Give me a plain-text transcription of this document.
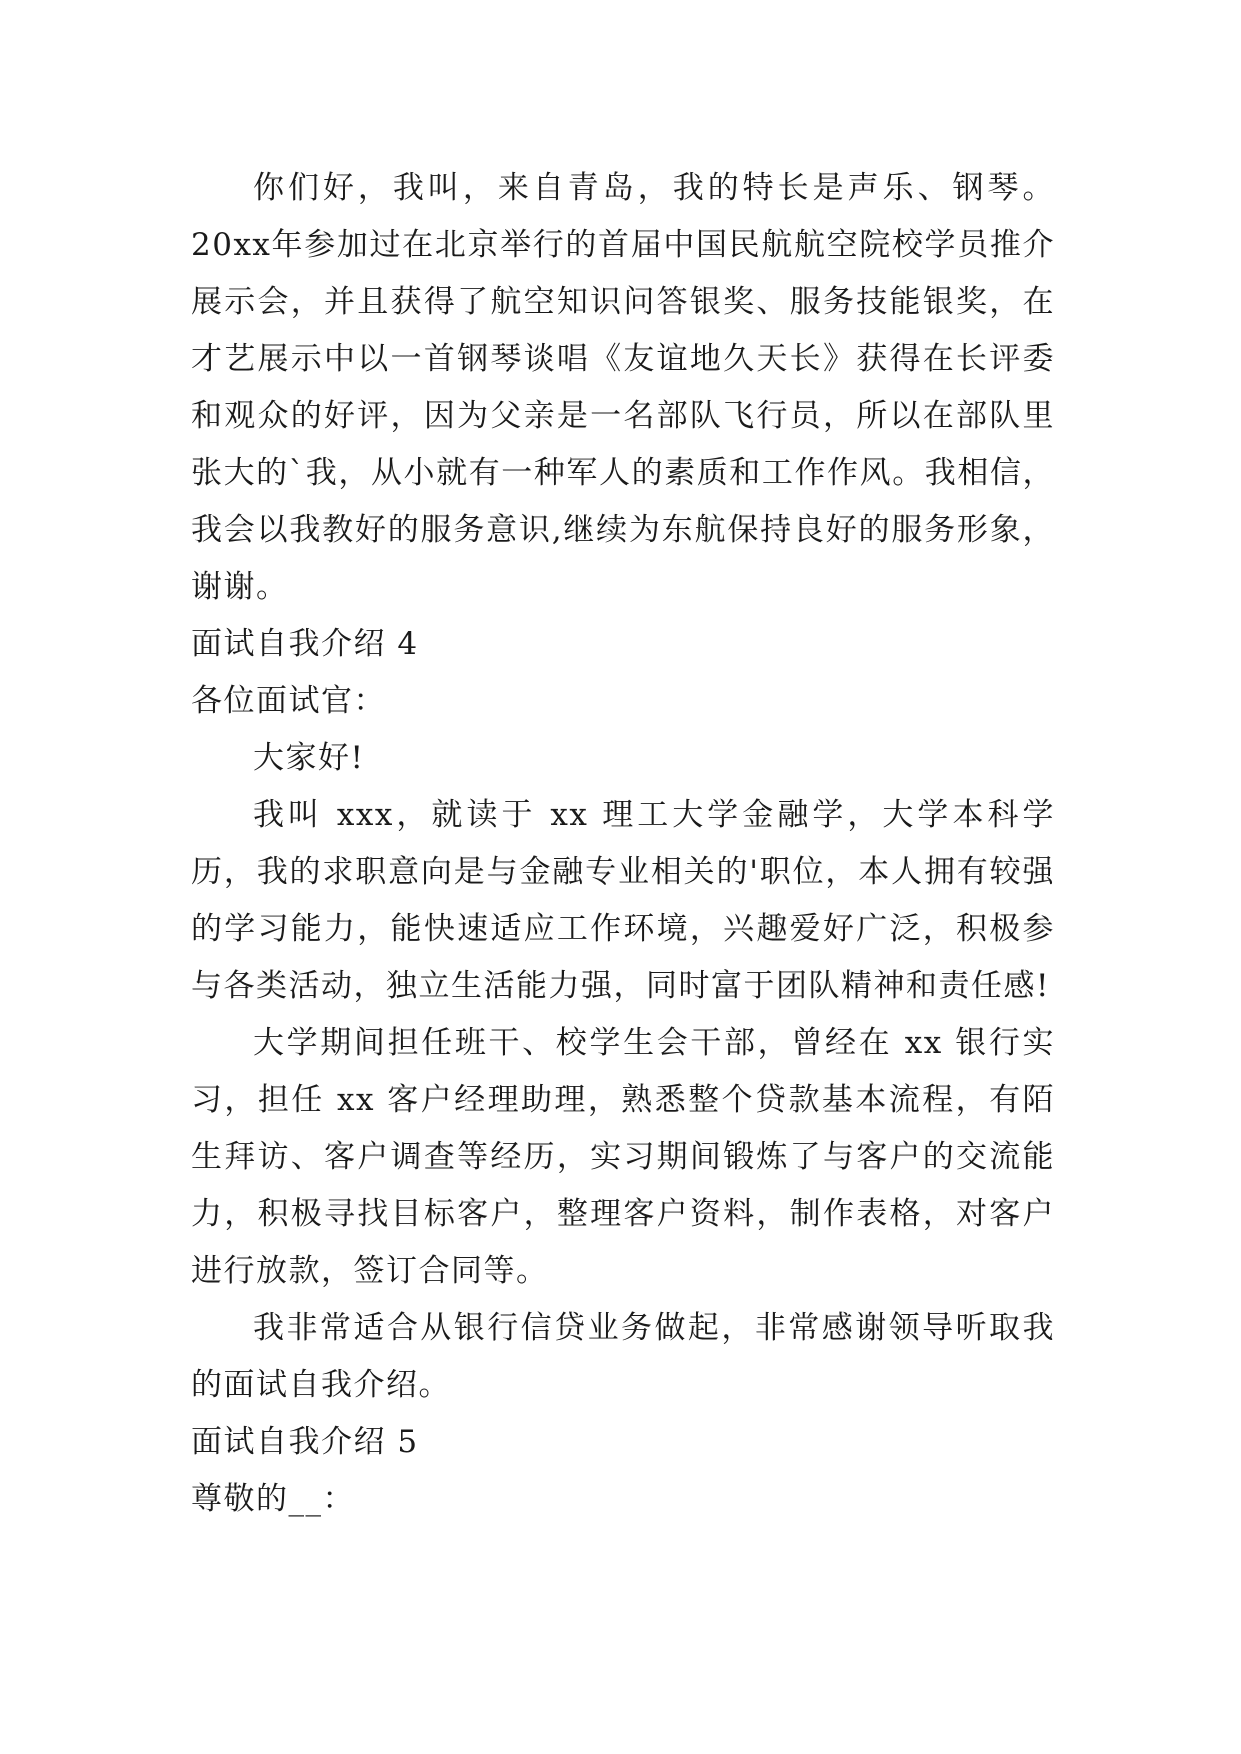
你们好，我叫，来自青岛，我的特长是声乐、钢琴。20xx年参加过在北京举行的首届中国民航航空院校学员推介展示会，并且获得了航空知识问答银奖、服务技能银奖，在才艺展示中以一首钢琴谈唱《友谊地久天长》获得在长评委和观众的好评，因为父亲是一名部队飞行员，所以在部队里张大的`我，从小就有一种军人的素质和工作作风。我相信，我会以我教好的服务意识,继续为东航保持良好的服务形象，谢谢。

面试自我介绍 4

各位面试官：

大家好!

我叫 xxx，就读于 xx 理工大学金融学，大学本科学历，我的求职意向是与金融专业相关的'职位，本人拥有较强的学习能力，能快速适应工作环境，兴趣爱好广泛，积极参与各类活动，独立生活能力强，同时富于团队精神和责任感!

大学期间担任班干、校学生会干部，曾经在 xx 银行实习，担任 xx 客户经理助理，熟悉整个贷款基本流程，有陌生拜访、客户调查等经历，实习期间锻炼了与客户的交流能力，积极寻找目标客户，整理客户资料，制作表格，对客户进行放款，签订合同等。

我非常适合从银行信贷业务做起，非常感谢领导听取我的面试自我介绍。

面试自我介绍 5

尊敬的__：
